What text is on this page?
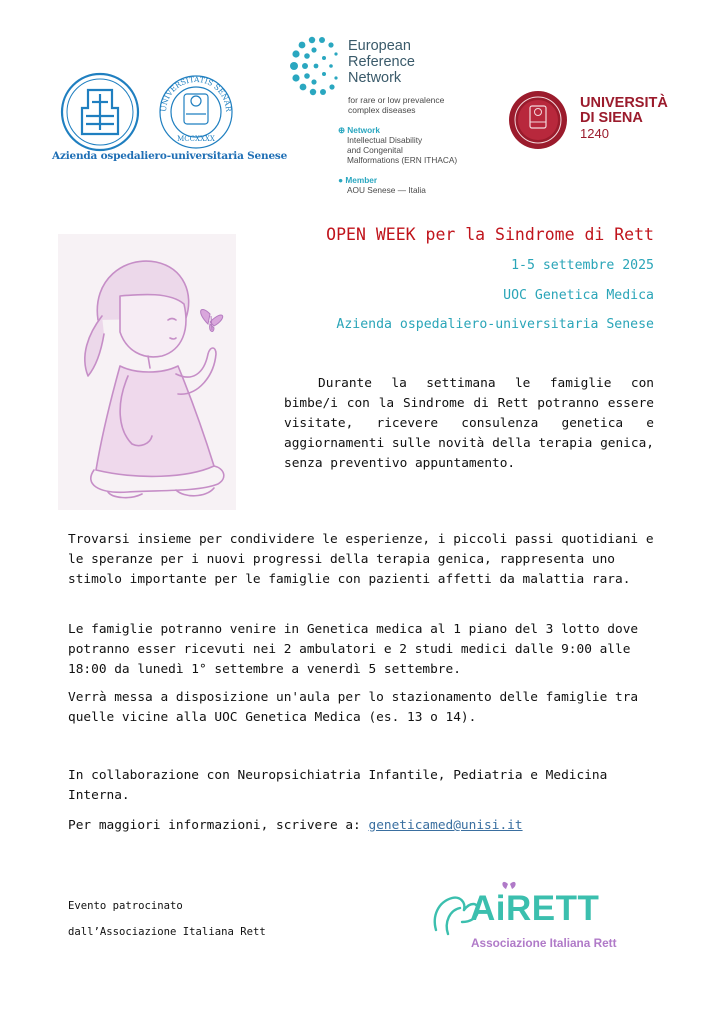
UNIVERSITATIS SENAR
MCCXXXX
Azienda ospedaliero-universitaria Senese
European
Reference
Network
for rare or low prevalence
complex diseases
⊕ Network
Intellectual Disability
and Congenital
Malformations (ERN ITHACA)
● Member
AOU Senese — Italia
UNIVERSITÀ
DI SIENA
1240
OPEN WEEK per la Sindrome di Rett
1-5 settembre 2025
UOC Genetica Medica
Azienda ospedaliero-universitaria Senese
Durante la settimana le famiglie con bimbe/i con la Sindrome di Rett potranno essere visitate, ricevere consulenza genetica e aggiornamenti sulle novità della terapia genica, senza preventivo appuntamento.
Trovarsi insieme per condividere le esperienze, i piccoli passi quotidiani e le speranze per i nuovi progressi della terapia genica, rappresenta uno stimolo importante per le famiglie con pazienti affetti da malattia rara.
Le famiglie potranno venire in Genetica medica al 1 piano del 3 lotto dove potranno esser ricevuti nei 2 ambulatori e 2 studi medici dalle 9:00 alle 18:00 da lunedì 1° settembre a venerdì 5 settembre.
Verrà messa a disposizione un'aula per lo stazionamento delle famiglie tra quelle vicine alla UOC Genetica Medica (es. 13 o 14).
In collaborazione con Neuropsichiatria Infantile, Pediatria e Medicina Interna.
Per maggiori informazioni, scrivere a: geneticamed@unisi.it
Evento patrocinato
dall’Associazione Italiana Rett
AiRETT
Associazione Italiana Rett
